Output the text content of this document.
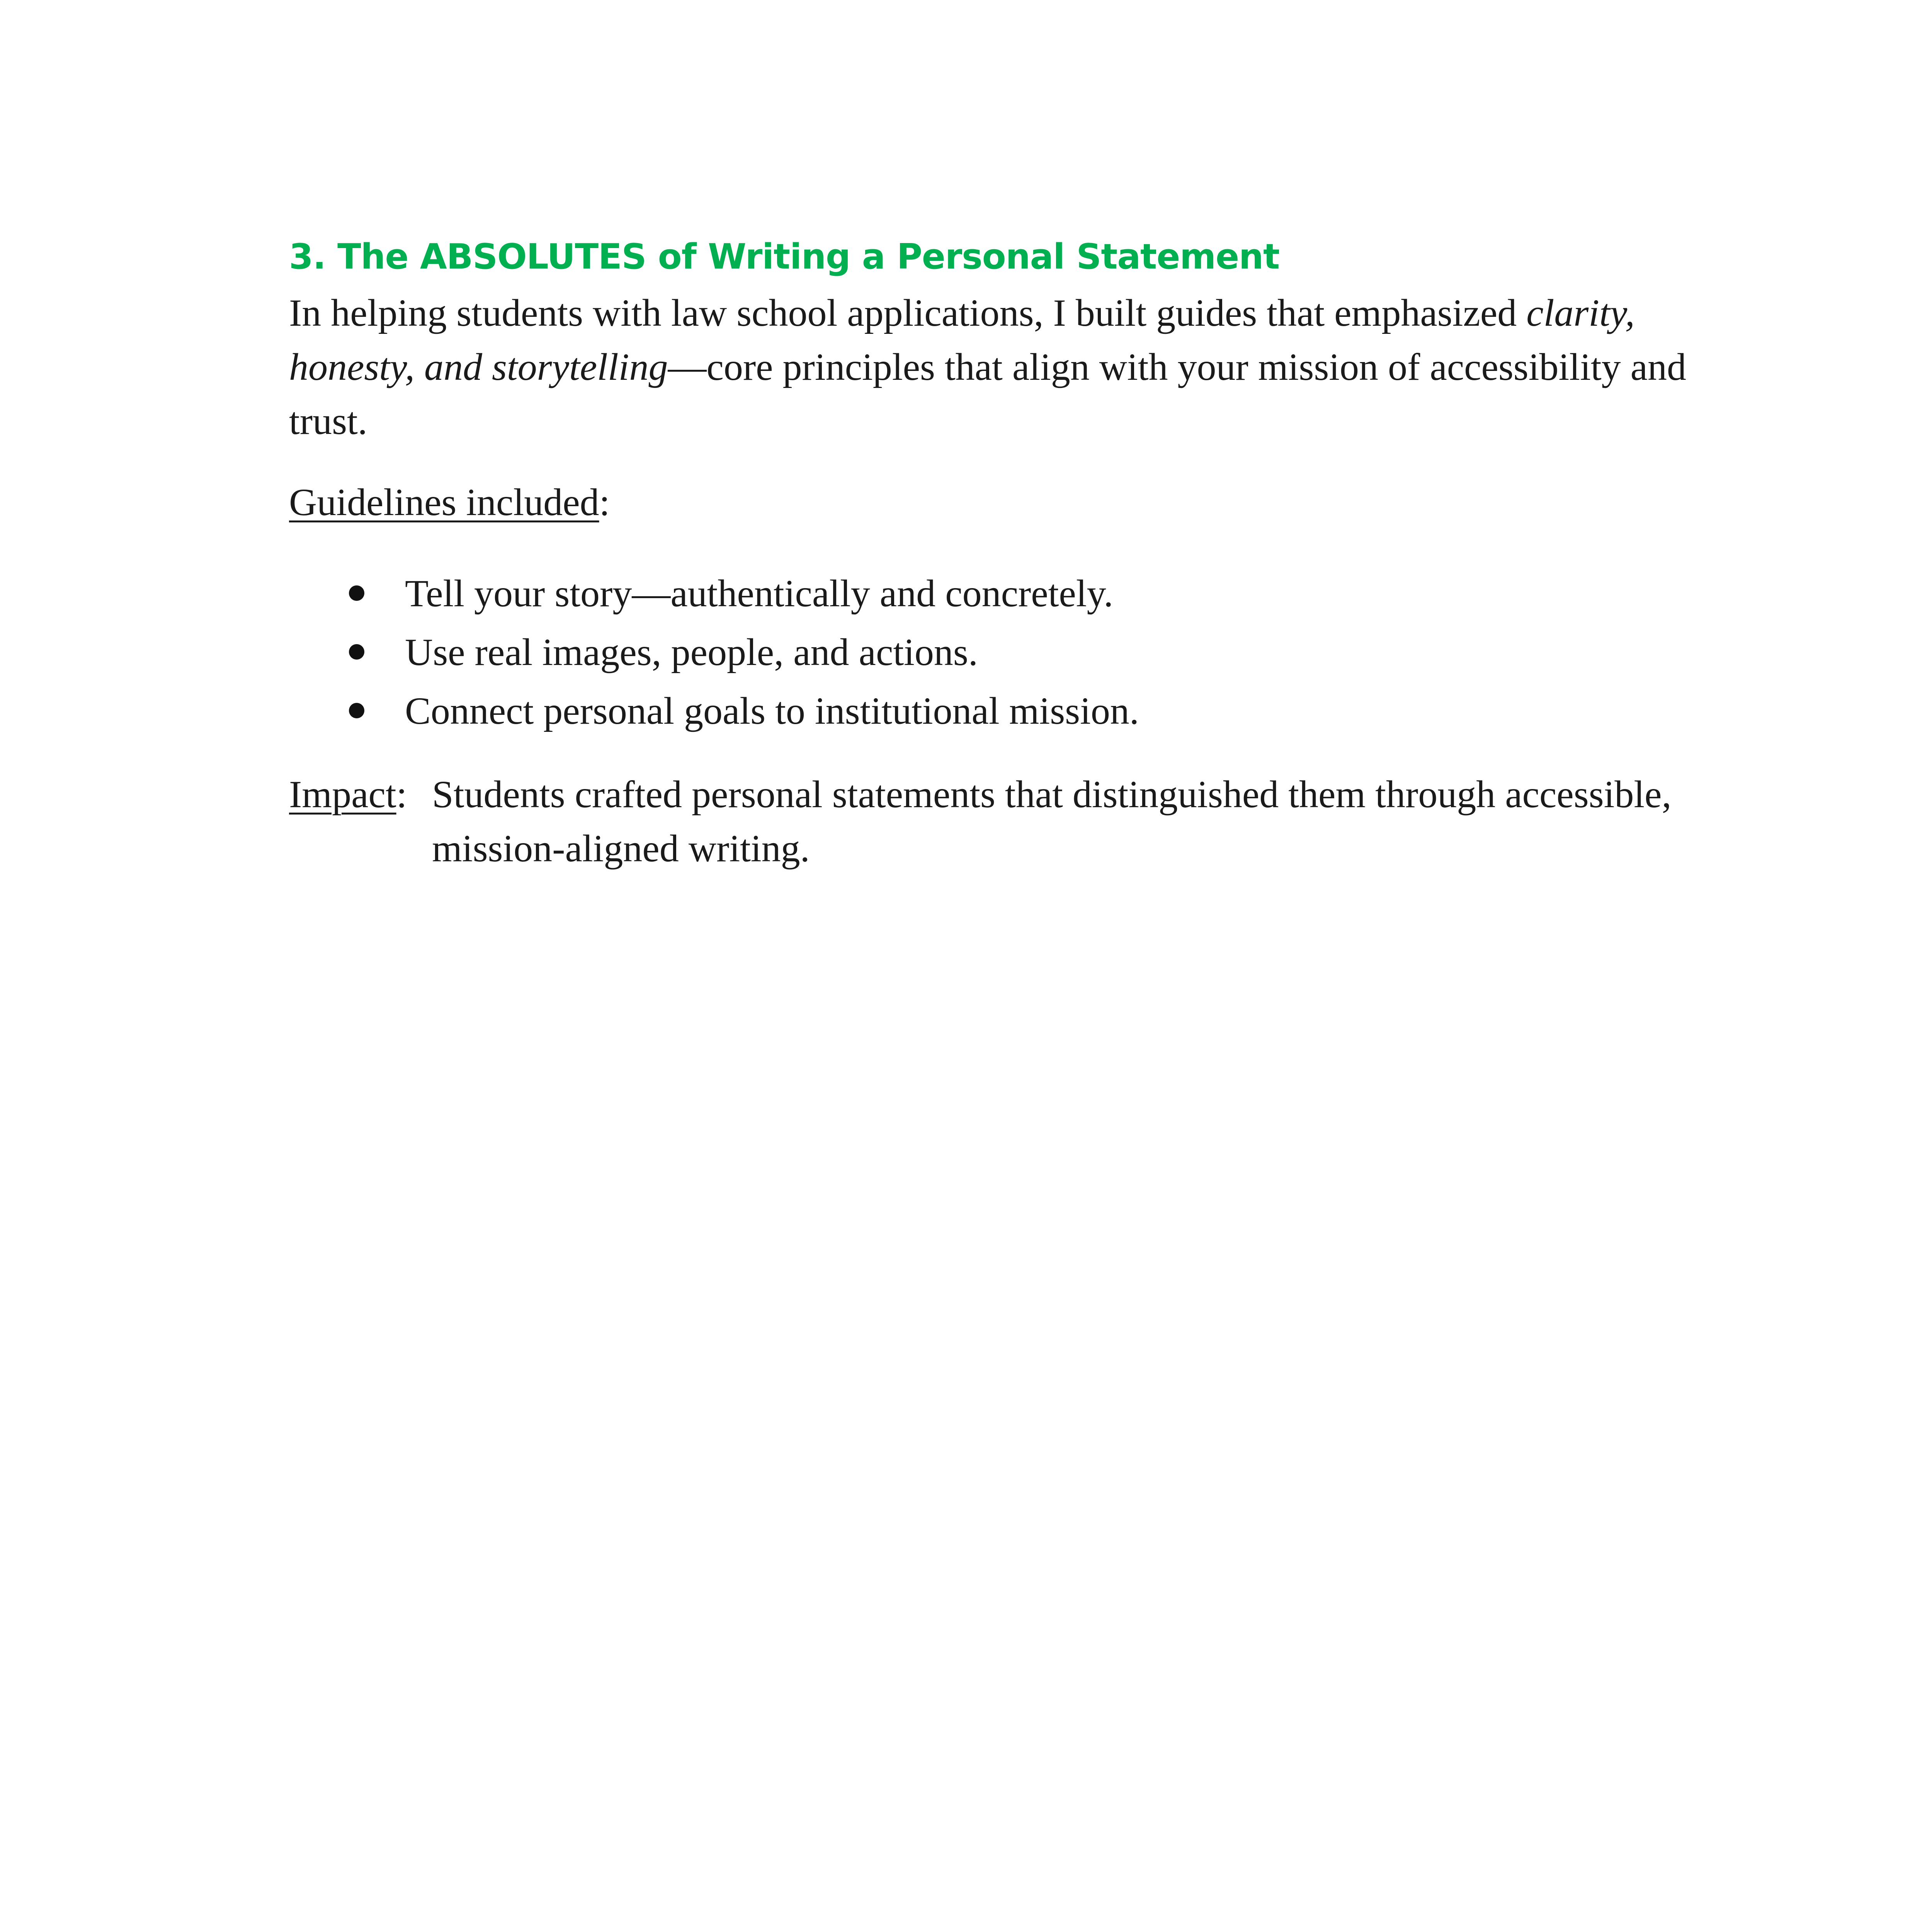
3. The ABSOLUTES of Writing a Personal Statement

In helping students with law school applications, I built guides that emphasized clarity, honesty, and storytelling—core principles that align with your mission of accessibility and trust.

Guidelines included:

Tell your story—authentically and concretely.
Use real images, people, and actions.
Connect personal goals to institutional mission.
Impact: Students crafted personal statements that distinguished them through accessible, mission-aligned writing.
